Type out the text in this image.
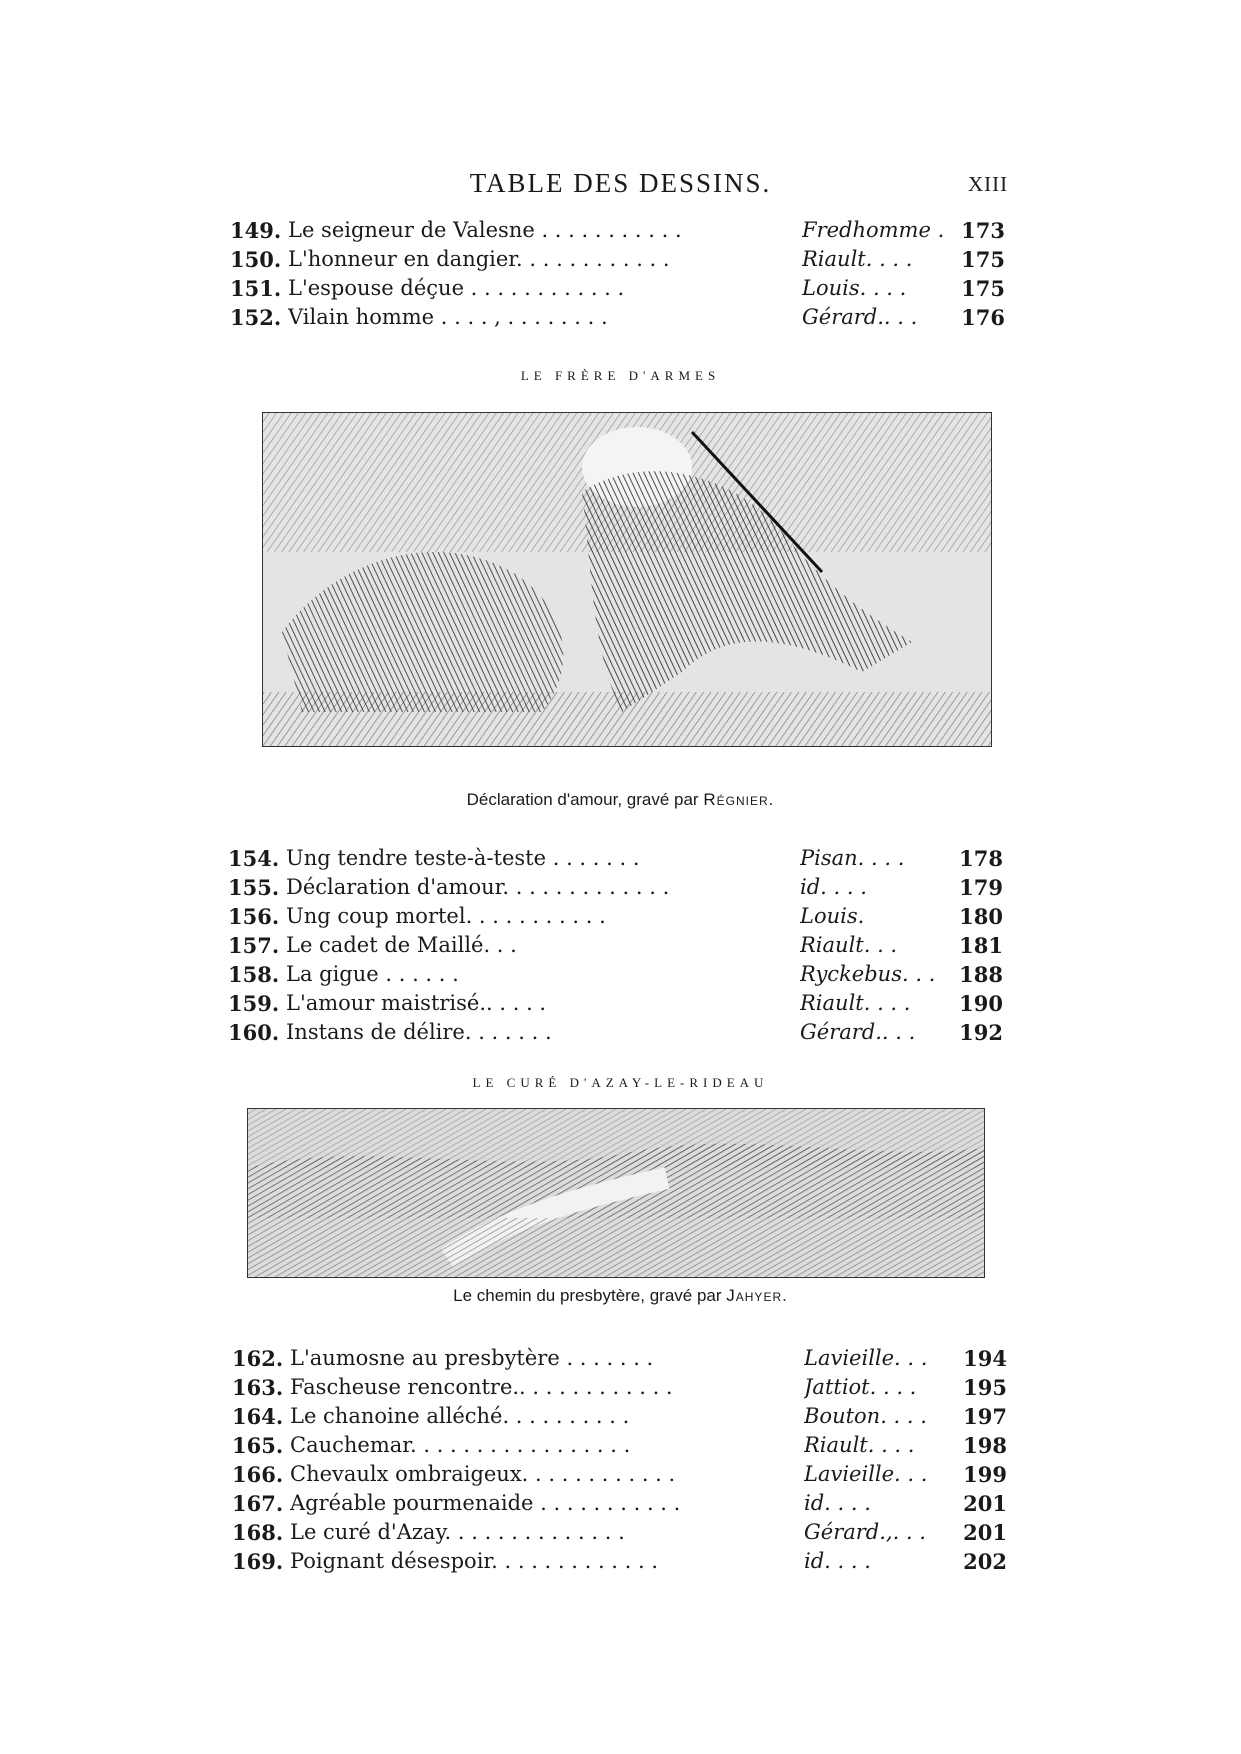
TABLE DES DESSINS.	XIII
149. Le seigneur de Valesne . . . . . . . . . . .	Fredhomme . 173
150. L'honneur en dangier. . . . . . . . . . . .	Riault. . . .	175
151. L'espouse déçue . . . . . . . . . . . .	Louis. . . .	175
152. Vilain homme . . . . , . . . . . . . .	Gérard.. . .	176
LE FRÈRE D'ARMES
Déclaration d'amour, gravé par Régnier.
154. Ung tendre teste-à-teste . . . . . . .	Pisan. . . .	178
155. Déclaration d'amour. . . . . . . . . . . . .	id. . . .	179
156. Ung coup mortel. . . . . . . . . . .	Louis.	180
157. Le cadet de Maillé. . .	Riault. . .	181
158. La gigue . . . . . .	Ryckebus. . .	188
159. L'amour maistrisé.. . . . .	Riault. . . .	190
160. Instans de délire. . . . . . .	Gérard.. . .	192
LE CURÉ D'AZAY-LE-RIDEAU
Le chemin du presbytère, gravé par Jahyer.
162. L'aumosne au presbytère . . . . . . .	Lavieille. . .	194
163. Fascheuse rencontre.. . . . . . . . . . . .	Jattiot. . . .	195
164. Le chanoine alléché. . . . . . . . . .	Bouton. . . .	197
165. Cauchemar. . . . . . . . . . . . . . . . .	Riault. . . .	198
166. Chevaulx ombraigeux. . . . . . . . . . . .	Lavieille. . .	199
167. Agréable pourmenaide . . . . . . . . . . .	id. . . .	201
168. Le curé d'Azay. . . . . . . . . . . . . .	Gérard.,. . .	201
169. Poignant désespoir. . . . . . . . . . . . .	id. . . .	202
